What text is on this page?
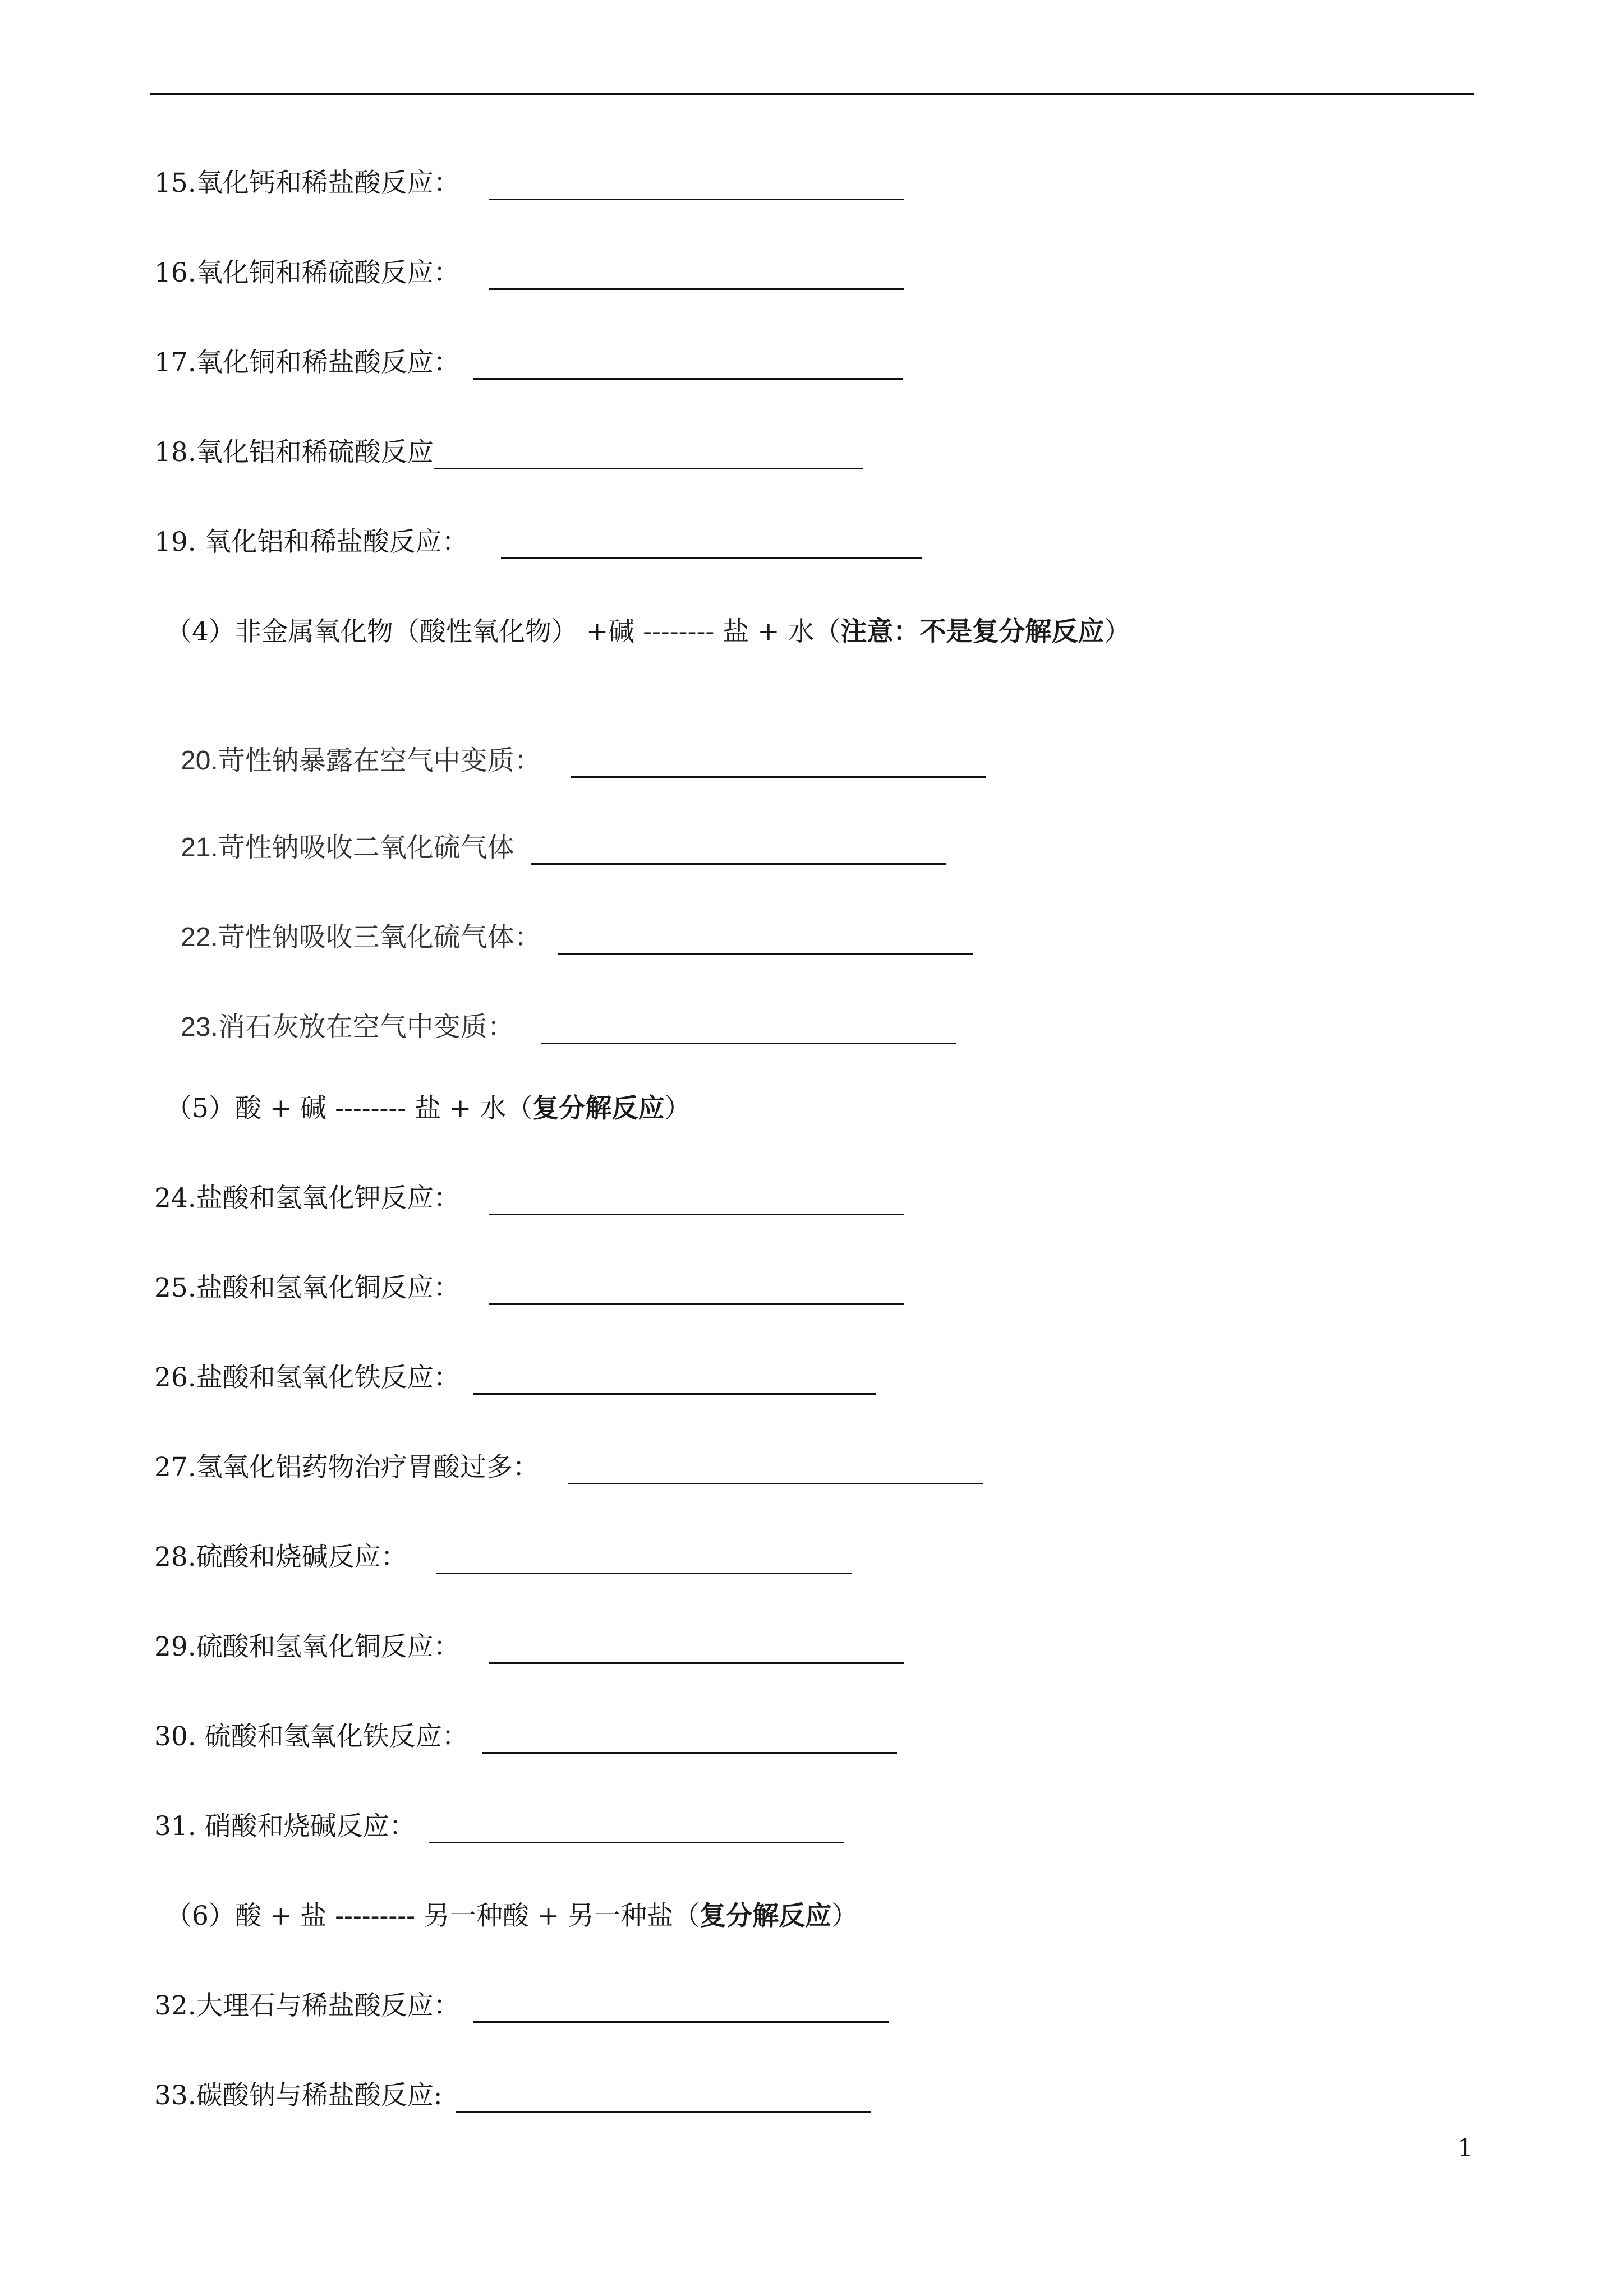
15.氧化钙和稀盐酸反应：
16.氧化铜和稀硫酸反应：
17.氧化铜和稀盐酸反应：
18.氧化铝和稀硫酸反应
19. 氧化铝和稀盐酸反应：
（4）非金属氧化物（酸性氧化物） +碱 -------- 盐 + 水（注意：不是复分解反应）
20.苛性钠暴露在空气中变质：
21.苛性钠吸收二氧化硫气体
22.苛性钠吸收三氧化硫气体：
23.消石灰放在空气中变质：
（5）酸 + 碱 -------- 盐 + 水（复分解反应）
24.盐酸和氢氧化钾反应：
25.盐酸和氢氧化铜反应：
26.盐酸和氢氧化铁反应：
27.氢氧化铝药物治疗胃酸过多：
28.硫酸和烧碱反应：
29.硫酸和氢氧化铜反应：
30. 硫酸和氢氧化铁反应：
31. 硝酸和烧碱反应：
（6）酸 + 盐 --------- 另一种酸 + 另一种盐（复分解反应）
32.大理石与稀盐酸反应：
33.碳酸钠与稀盐酸反应:
1
